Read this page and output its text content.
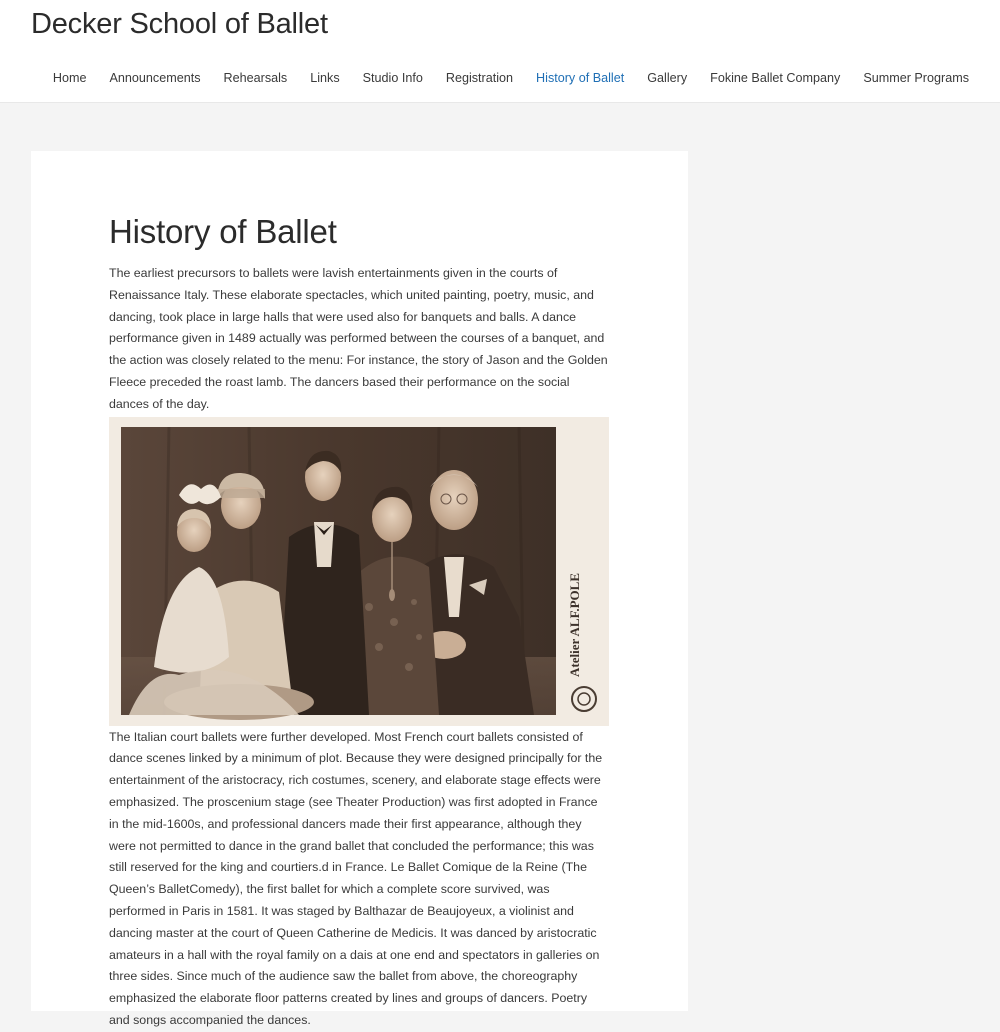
Decker School of Ballet
Home Announcements Rehearsals Links Studio Info Registration History of Ballet Gallery Fokine Ballet Company Summer Programs
History of Ballet

The earliest precursors to ballets were lavish entertainments given in the courts of Renaissance Italy. These elaborate spectacles, which united painting, poetry, music, and dancing, took place in large halls that were used also for banquets and balls. A dance performance given in 1489 actually was performed between the courses of a banquet, and the action was closely related to the menu: For instance, the story of Jason and the Golden Fleece preceded the roast lamb. The dancers based their performance on the social dances of the day.

Atelier ALF.POLE

The Italian court ballets were further developed. Most French court ballets consisted of dance scenes linked by a minimum of plot. Because they were designed principally for the entertainment of the aristocracy, rich costumes, scenery, and elaborate stage effects were emphasized. The proscenium stage (see Theater Production) was first adopted in France in the mid-1600s, and professional dancers made their first appearance, although they were not permitted to dance in the grand ballet that concluded the performance; this was still reserved for the king and courtiers.d in France. Le Ballet Comique de la Reine (The Queen’s BalletComedy), the first ballet for which a complete score survived, was performed in Paris in 1581. It was staged by Balthazar de Beaujoyeux, a violinist and dancing master at the court of Queen Catherine de Medicis. It was danced by aristocratic amateurs in a hall with the royal family on a dais at one end and spectators in galleries on three sides. Since much of the audience saw the ballet from above, the choreography emphasized the elaborate floor patterns created by lines and groups of dancers. Poetry and songs accompanied the dances.
